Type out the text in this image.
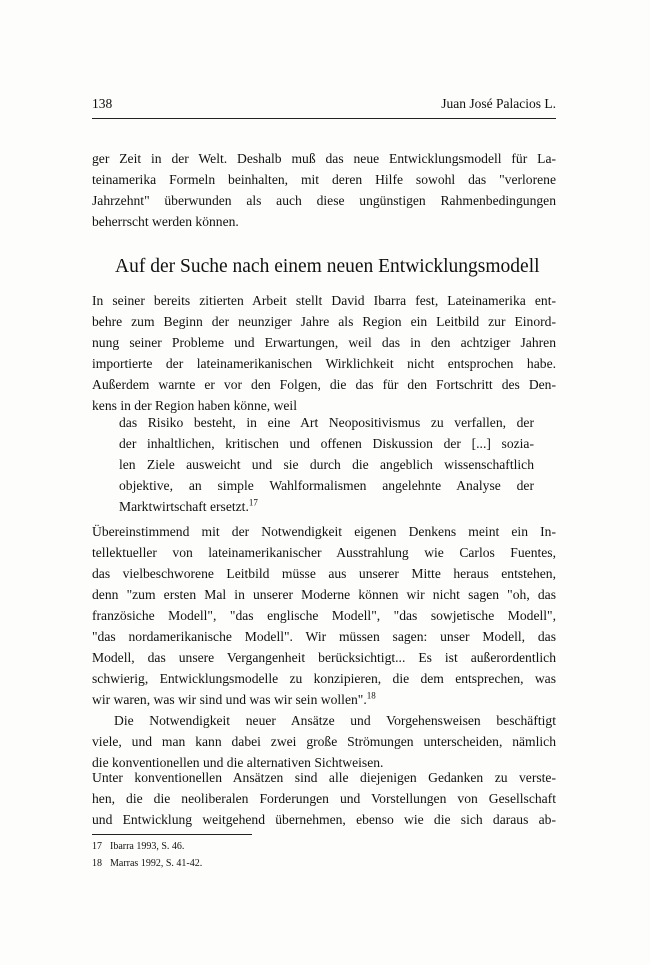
138	Juan José Palacios L.
ger Zeit in der Welt. Deshalb muß das neue Entwicklungsmodell für La-
teinamerika Formeln beinhalten, mit deren Hilfe sowohl das "verlorene
Jahrzehnt" überwunden als auch diese ungünstigen Rahmenbedingungen
beherrscht werden können.
Auf der Suche nach einem neuen Entwicklungsmodell
In seiner bereits zitierten Arbeit stellt David Ibarra fest, Lateinamerika ent-
behre zum Beginn der neunziger Jahre als Region ein Leitbild zur Einord-
nung seiner Probleme und Erwartungen, weil das in den achtziger Jahren
importierte der lateinamerikanischen Wirklichkeit nicht entsprochen habe.
Außerdem warnte er vor den Folgen, die das für den Fortschritt des Den-
kens in der Region haben könne, weil
das Risiko besteht, in eine Art Neopositivismus zu verfallen, der
der inhaltlichen, kritischen und offenen Diskussion der [...] sozia-
len Ziele ausweicht und sie durch die angeblich wissenschaftlich
objektive, an simple Wahlformalismen angelehnte Analyse der
Marktwirtschaft ersetzt.$^{17}$
Übereinstimmend mit der Notwendigkeit eigenen Denkens meint ein In-
tellektueller von lateinamerikanischer Ausstrahlung wie Carlos Fuentes,
das vielbeschworene Leitbild müsse aus unserer Mitte heraus entstehen,
denn "zum ersten Mal in unserer Moderne können wir nicht sagen "oh, das
französiche Modell", "das englische Modell", "das sowjetische Modell",
"das nordamerikanische Modell". Wir müssen sagen: unser Modell, das
Modell, das unsere Vergangenheit berücksichtigt... Es ist außerordentlich
schwierig, Entwicklungsmodelle zu konzipieren, die dem entsprechen, was
wir waren, was wir sind und was wir sein wollen".$^{18}$
Die Notwendigkeit neuer Ansätze und Vorgehensweisen beschäftigt
viele, und man kann dabei zwei große Strömungen unterscheiden, nämlich
die konventionellen und die alternativen Sichtweisen.
Unter konventionellen Ansätzen sind alle diejenigen Gedanken zu verste-
hen, die die neoliberalen Forderungen und Vorstellungen von Gesellschaft
und Entwicklung weitgehend übernehmen, ebenso wie die sich daraus ab-
17 Ibarra 1993, S. 46.
18 Marras 1992, S. 41-42.
